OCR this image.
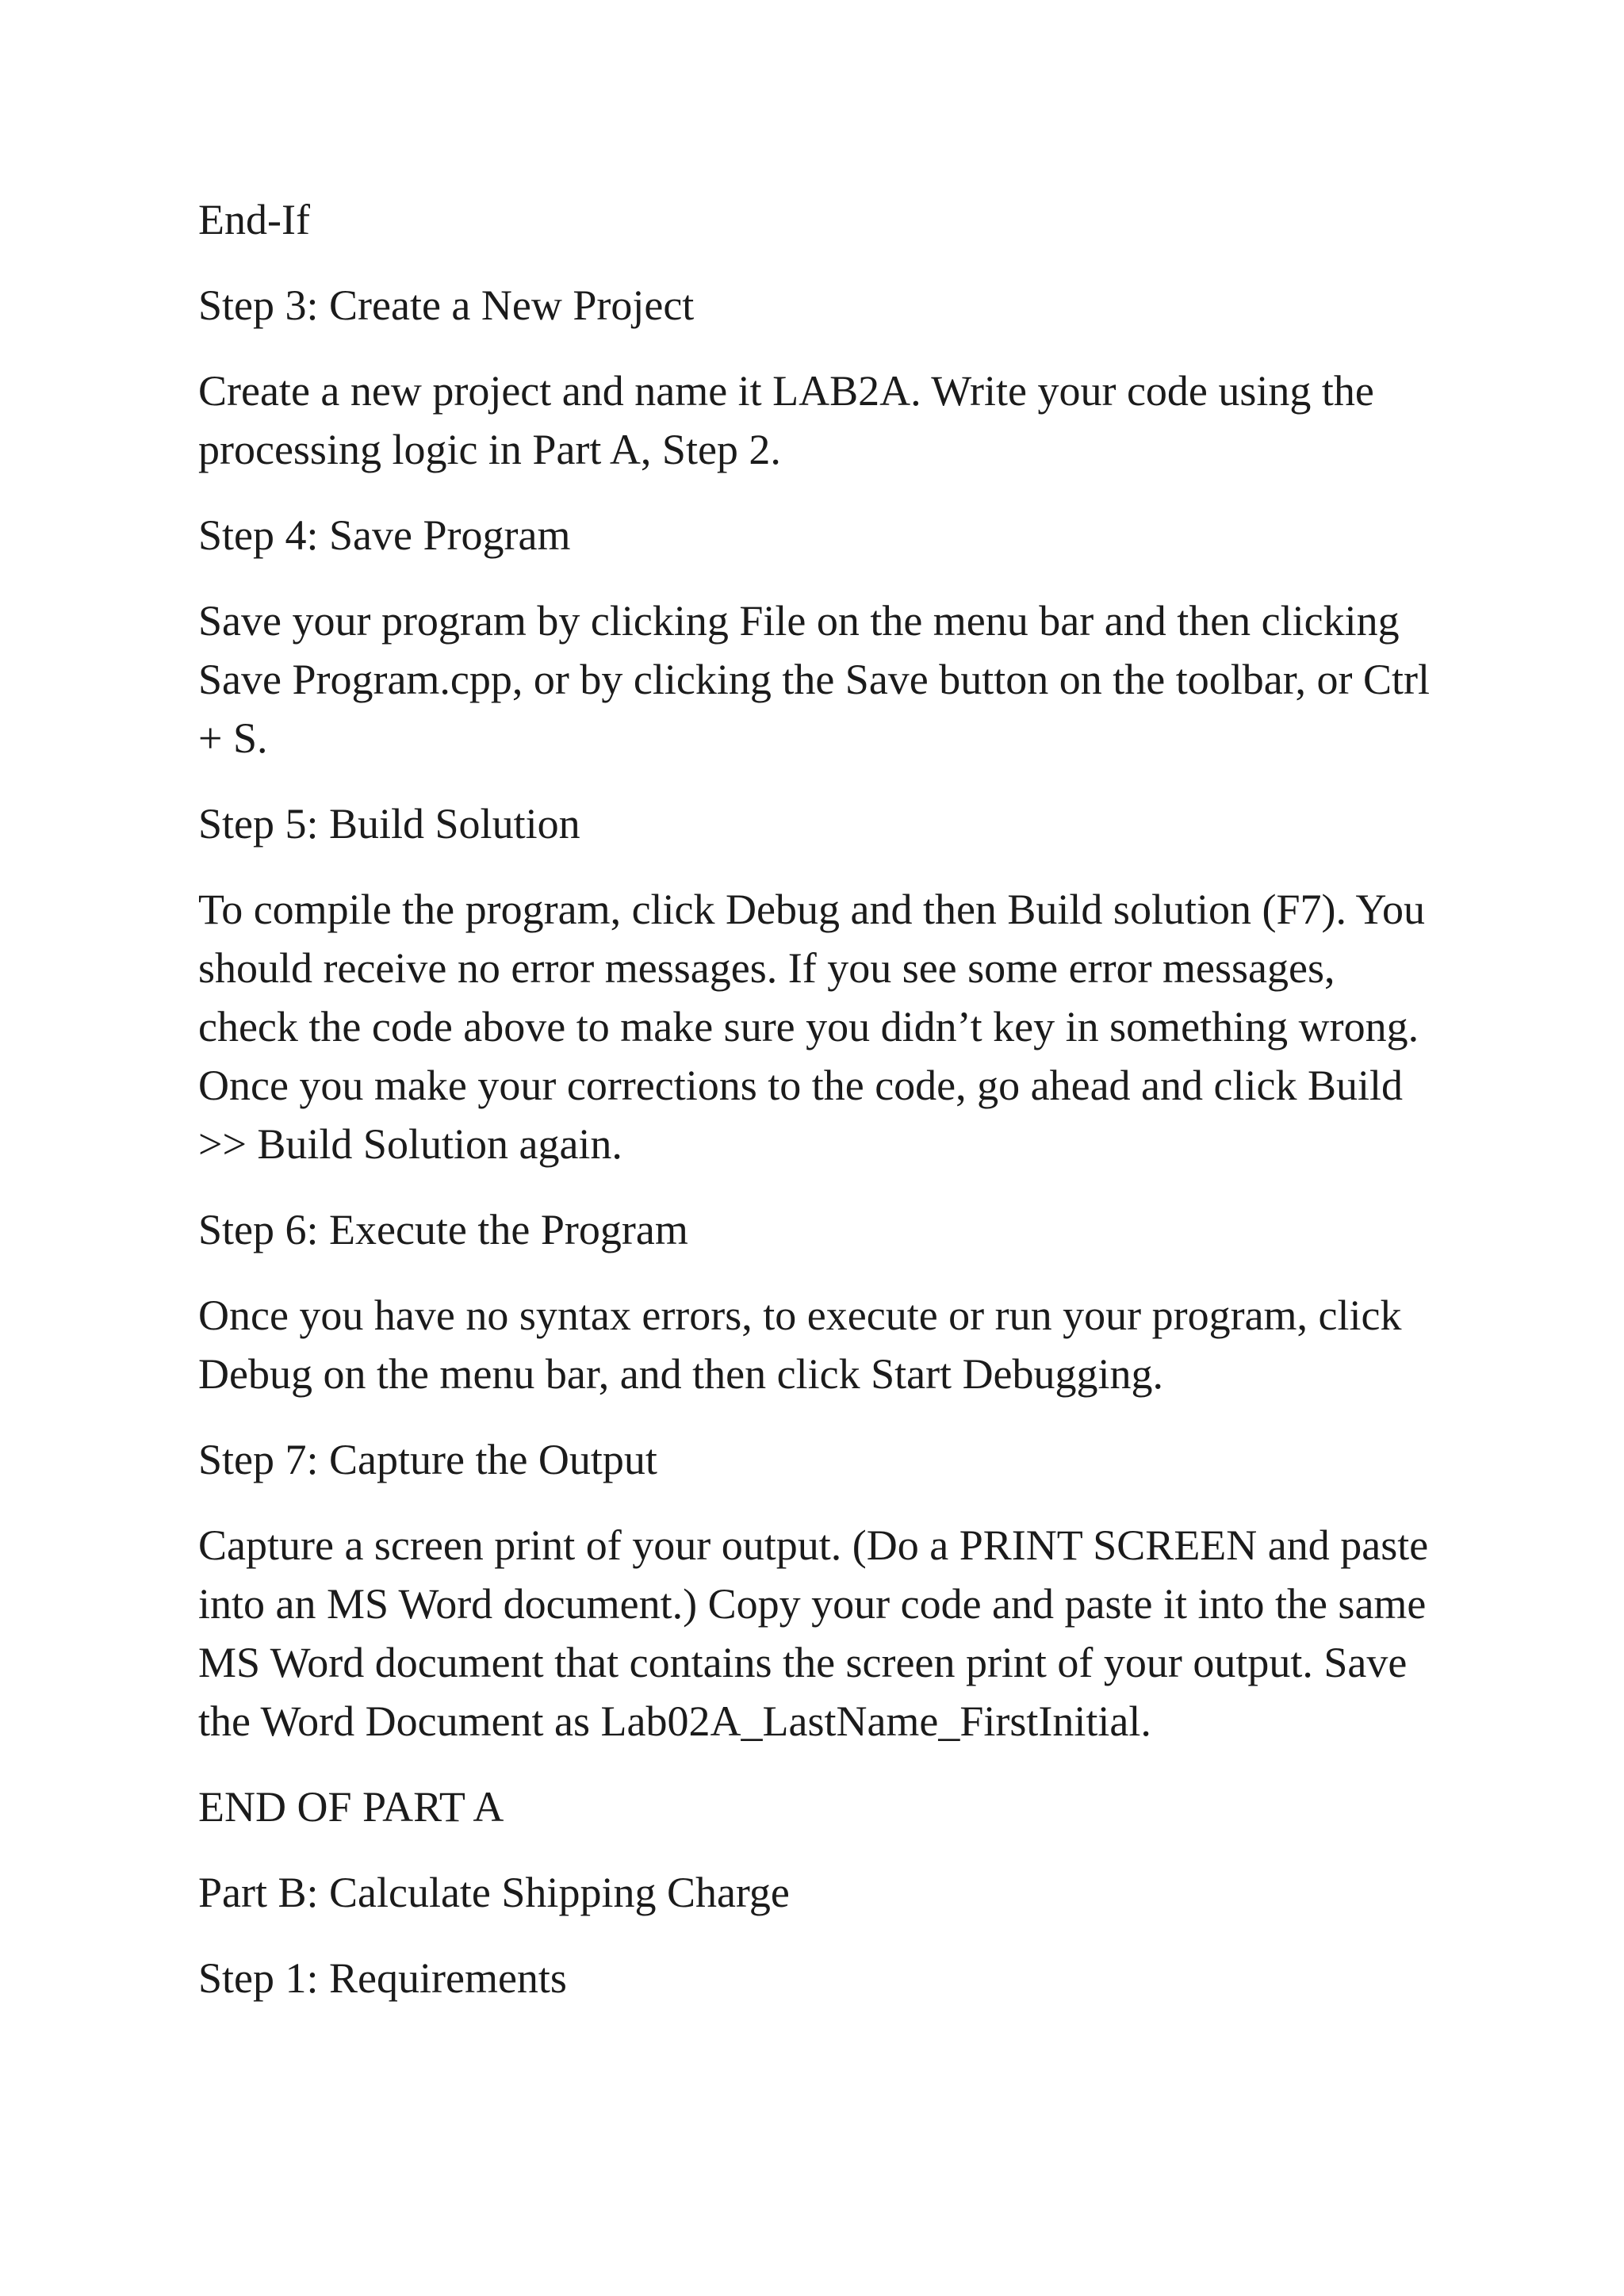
End-If

Step 3: Create a New Project

Create a new project and name it LAB2A. Write your code using the processing logic in Part A, Step 2.

Step 4: Save Program

Save your program by clicking File on the menu bar and then clicking Save Program.cpp, or by clicking the Save button on the toolbar, or Ctrl + S.

Step 5: Build Solution

To compile the program, click Debug and then Build solution (F7). You should receive no error messages. If you see some error messages, check the code above to make sure you didn’t key in something wrong. Once you make your corrections to the code, go ahead and click Build >> Build Solution again.

Step 6: Execute the Program

Once you have no syntax errors, to execute or run your program, click Debug on the menu bar, and then click Start Debugging.

Step 7: Capture the Output

Capture a screen print of your output. (Do a PRINT SCREEN and paste into an MS Word document.) Copy your code and paste it into the same MS Word document that contains the screen print of your output. Save the Word Document as Lab02A_LastName_FirstInitial.

END OF PART A

Part B: Calculate Shipping Charge

Step 1: Requirements
